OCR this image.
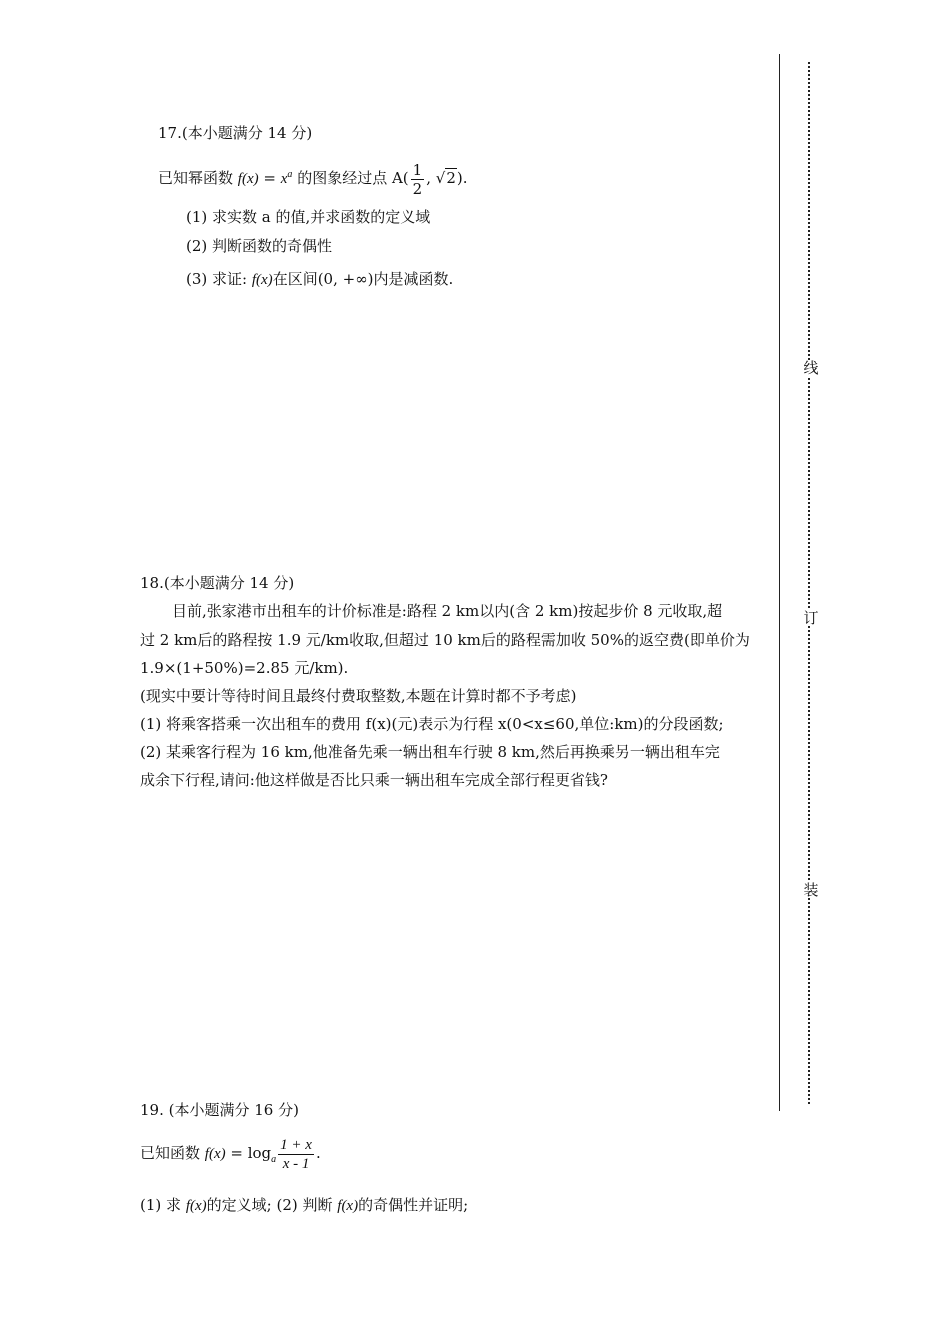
17.(本小题满分 14 分)
已知幂函数 $f(x) = x^a$ 的图象经过点 $A( \frac{1}{2}$ , √2).
(1) 求实数 a 的值,并求函数的定义域
(2) 判断函数的奇偶性
(3) 求证: f(x)在区间(0, +∞)内是减函数.
18.(本小题满分 14 分)
目前,张家港市出租车的计价标准是:路程 2 km以内(含 2 km)按起步价 8 元收取,超
过 2 km后的路程按 1.9 元/km收取,但超过 10 km后的路程需加收 50%的返空费(即单价为
1.9×(1+50%)=2.85 元/km).
(现实中要计等待时间且最终付费取整数,本题在计算时都不予考虑)
(1) 将乘客搭乘一次出租车的费用 f(x)(元)表示为行程 x(0<x≤60,单位:km)的分段函数;
(2) 某乘客行程为 16 km,他准备先乘一辆出租车行驶 8 km,然后再换乘另一辆出租车完
成余下行程,请问:他这样做是否比只乘一辆出租车完成全部行程更省钱?
19. (本小题满分 16 分)
已知函数 $f(x) = \log_a \frac{1 + x}{x - 1}$ .
(1) 求 f(x)的定义域; (2) 判断 f(x)的奇偶性并证明;
线
订
装
